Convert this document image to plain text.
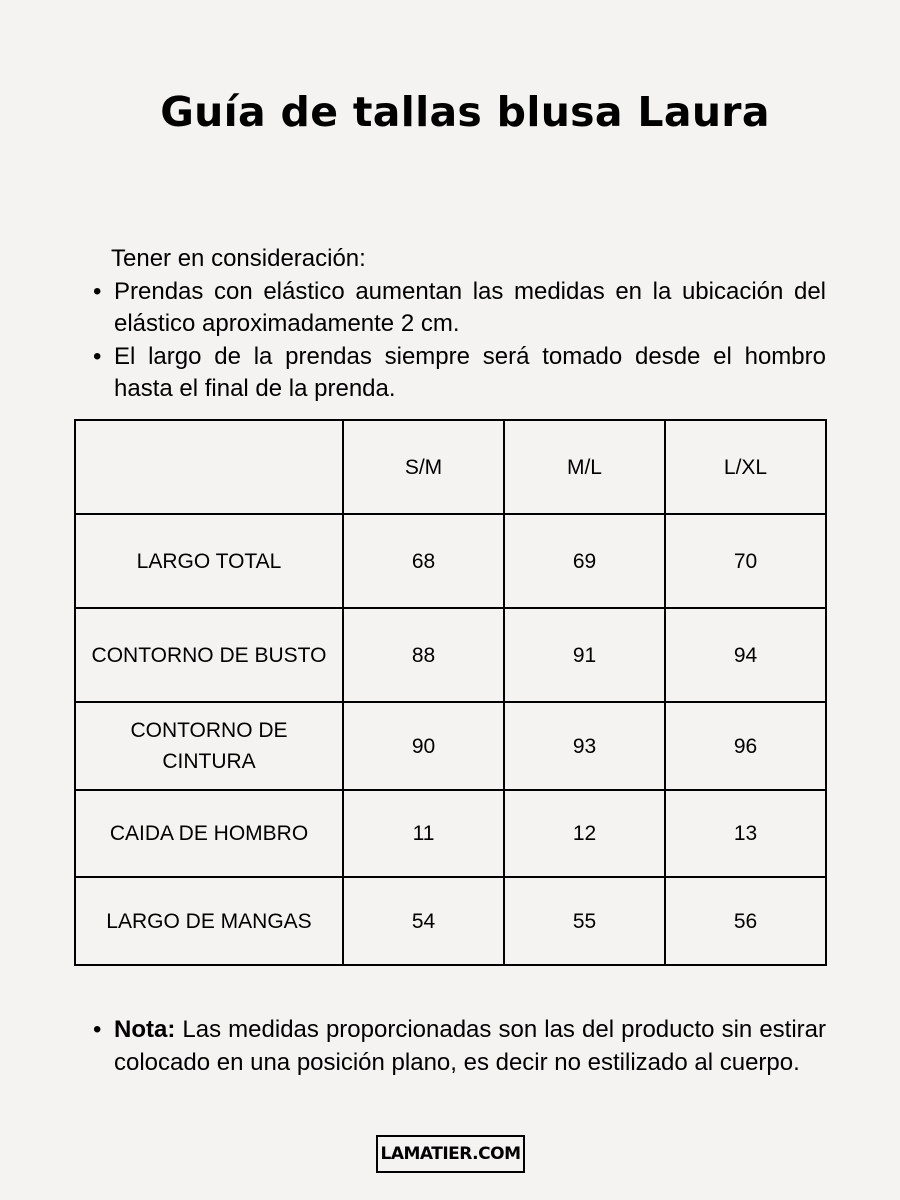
Guía de tallas blusa Laura
Tener en consideración:
• Prendas con elástico aumentan las medidas en la ubicación del elástico aproximadamente 2 cm.
• El largo de la prendas siempre será tomado desde el hombro hasta el final de la prenda.
	S/M	M/L	L/XL
LARGO TOTAL	68	69	70
CONTORNO DE BUSTO	88	91	94
CONTORNO DE CINTURA	90	93	96
CAIDA DE HOMBRO	11	12	13
LARGO DE MANGAS	54	55	56
• Nota: Las medidas proporcionadas son las del producto sin estirar colocado en una posición plano, es decir no estilizado al cuerpo.
LAMATIER.COM
